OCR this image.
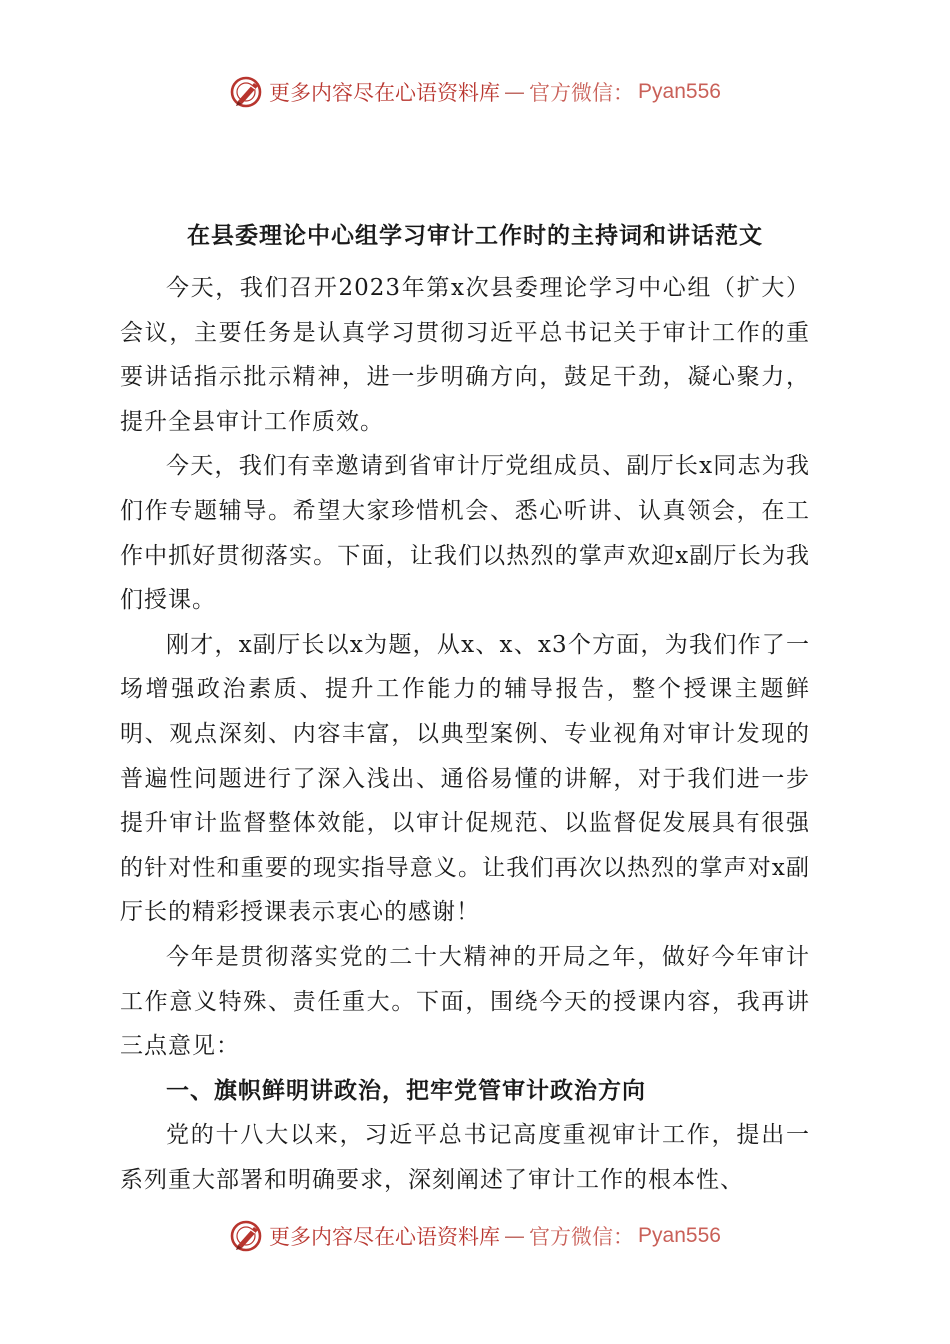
更多内容尽在心语资料库 — 官方微信： Pyan556
在县委理论中心组学习审计工作时的主持词和讲话范文

今天，我们召开2023年第x次县委理论学习中心组（扩大）会议，主要任务是认真学习贯彻习近平总书记关于审计工作的重要讲话指示批示精神，进一步明确方向，鼓足干劲，凝心聚力，提升全县审计工作质效。

今天，我们有幸邀请到省审计厅党组成员、副厅长x同志为我们作专题辅导。希望大家珍惜机会、悉心听讲、认真领会，在工作中抓好贯彻落实。下面，让我们以热烈的掌声欢迎x副厅长为我们授课。

刚才，x副厅长以x为题，从x、x、x3个方面，为我们作了一场增强政治素质、提升工作能力的辅导报告，整个授课主题鲜明、观点深刻、内容丰富，以典型案例、专业视角对审计发现的普遍性问题进行了深入浅出、通俗易懂的讲解，对于我们进一步提升审计监督整体效能，以审计促规范、以监督促发展具有很强的针对性和重要的现实指导意义。让我们再次以热烈的掌声对x副厅长的精彩授课表示衷心的感谢！

今年是贯彻落实党的二十大精神的开局之年，做好今年审计工作意义特殊、责任重大。下面，围绕今天的授课内容，我再讲三点意见：

一、旗帜鲜明讲政治，把牢党管审计政治方向

党的十八大以来，习近平总书记高度重视审计工作，提出一系列重大部署和明确要求，深刻阐述了审计工作的根本性、

更多内容尽在心语资料库 — 官方微信： Pyan556
